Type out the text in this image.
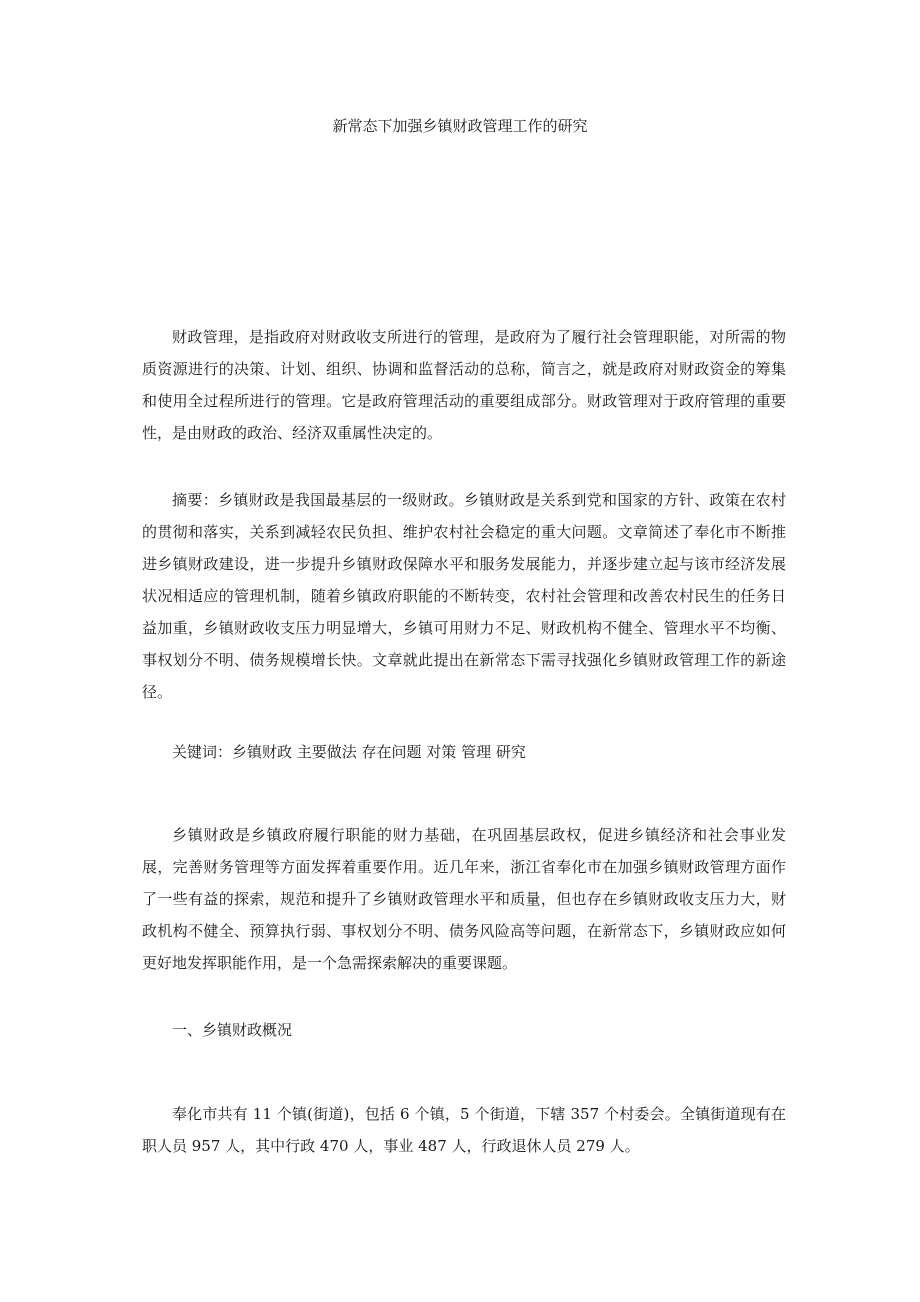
新常态下加强乡镇财政管理工作的研究

财政管理，是指政府对财政收支所进行的管理，是政府为了履行社会管理职能，对所需的物质资源进行的决策、计划、组织、协调和监督活动的总称，简言之，就是政府对财政资金的筹集和使用全过程所进行的管理。它是政府管理活动的重要组成部分。财政管理对于政府管理的重要性，是由财政的政治、经济双重属性决定的。

摘要：乡镇财政是我国最基层的一级财政。乡镇财政是关系到党和国家的方针、政策在农村的贯彻和落实，关系到减轻农民负担、维护农村社会稳定的重大问题。文章简述了奉化市不断推进乡镇财政建设，进一步提升乡镇财政保障水平和服务发展能力，并逐步建立起与该市经济发展状况相适应的管理机制，随着乡镇政府职能的不断转变，农村社会管理和改善农村民生的任务日益加重，乡镇财政收支压力明显增大，乡镇可用财力不足、财政机构不健全、管理水平不均衡、事权划分不明、债务规模增长快。文章就此提出在新常态下需寻找强化乡镇财政管理工作的新途径。

关键词：乡镇财政 主要做法 存在问题 对策 管理 研究

乡镇财政是乡镇政府履行职能的财力基础，在巩固基层政权，促进乡镇经济和社会事业发展，完善财务管理等方面发挥着重要作用。近几年来，浙江省奉化市在加强乡镇财政管理方面作了一些有益的探索，规范和提升了乡镇财政管理水平和质量，但也存在乡镇财政收支压力大，财政机构不健全、预算执行弱、事权划分不明、债务风险高等问题，在新常态下，乡镇财政应如何更好地发挥职能作用，是一个急需探索解决的重要课题。

一、乡镇财政概况

奉化市共有 11 个镇(街道)，包括 6 个镇，5 个街道，下辖 357 个村委会。全镇街道现有在职人员 957 人，其中行政 470 人，事业 487 人，行政退休人员 279 人。
